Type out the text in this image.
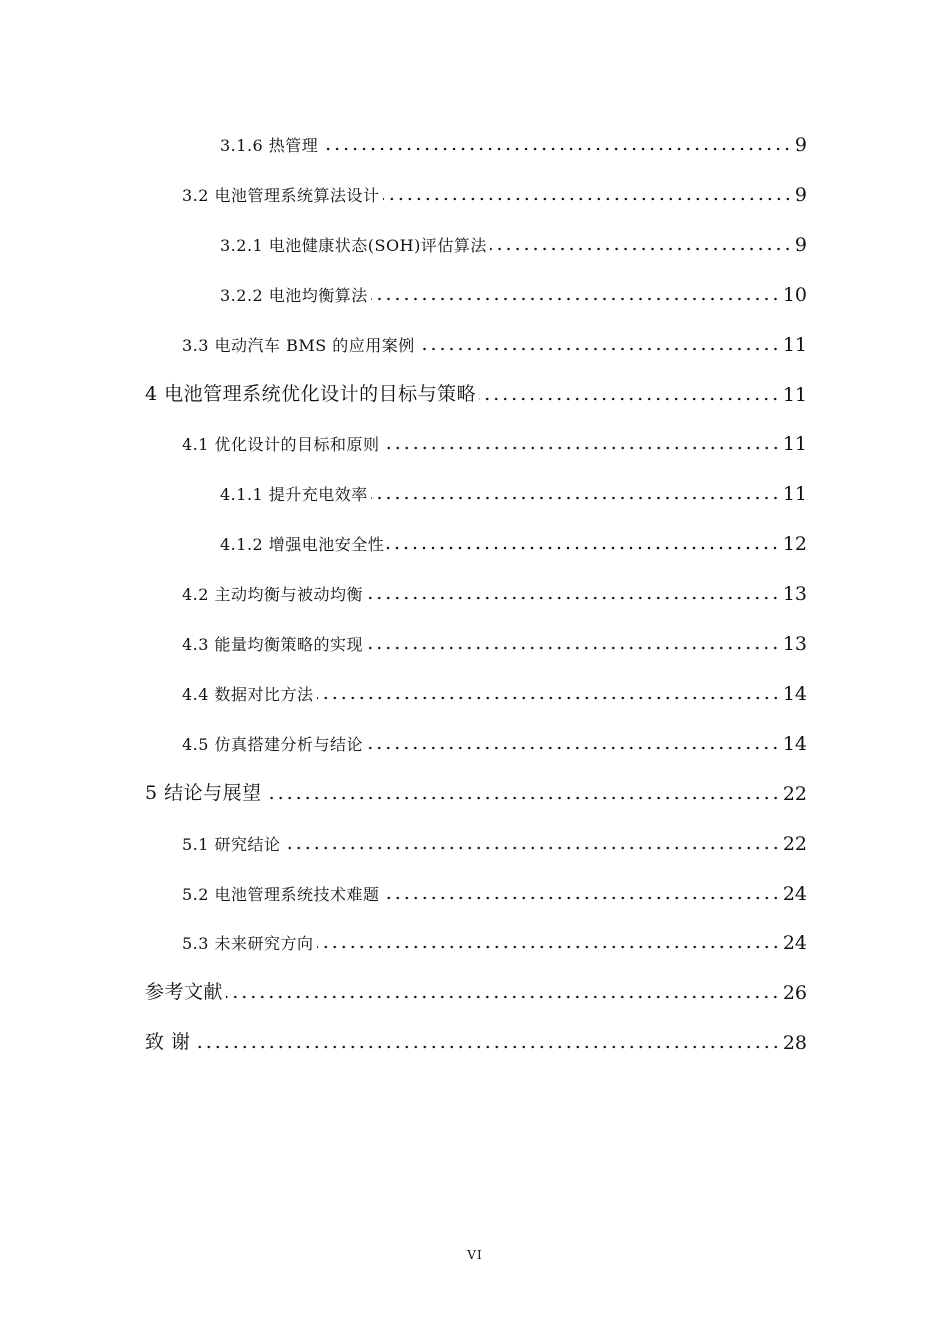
3.1.6 热管理	9
3.2 电池管理系统算法设计	9
3.2.1 电池健康状态(SOH)评估算法	9
3.2.2 电池均衡算法	10
3.3 电动汽车 BMS 的应用案例	11
4 电池管理系统优化设计的目标与策略	11
4.1 优化设计的目标和原则	11
4.1.1 提升充电效率	11
4.1.2 增强电池安全性	12
4.2 主动均衡与被动均衡	13
4.3 能量均衡策略的实现	13
4.4 数据对比方法	14
4.5 仿真搭建分析与结论	14
5 结论与展望	22
5.1 研究结论	22
5.2 电池管理系统技术难题	24
5.3 未来研究方向	24
参考文献	26
致 谢	28
VI
